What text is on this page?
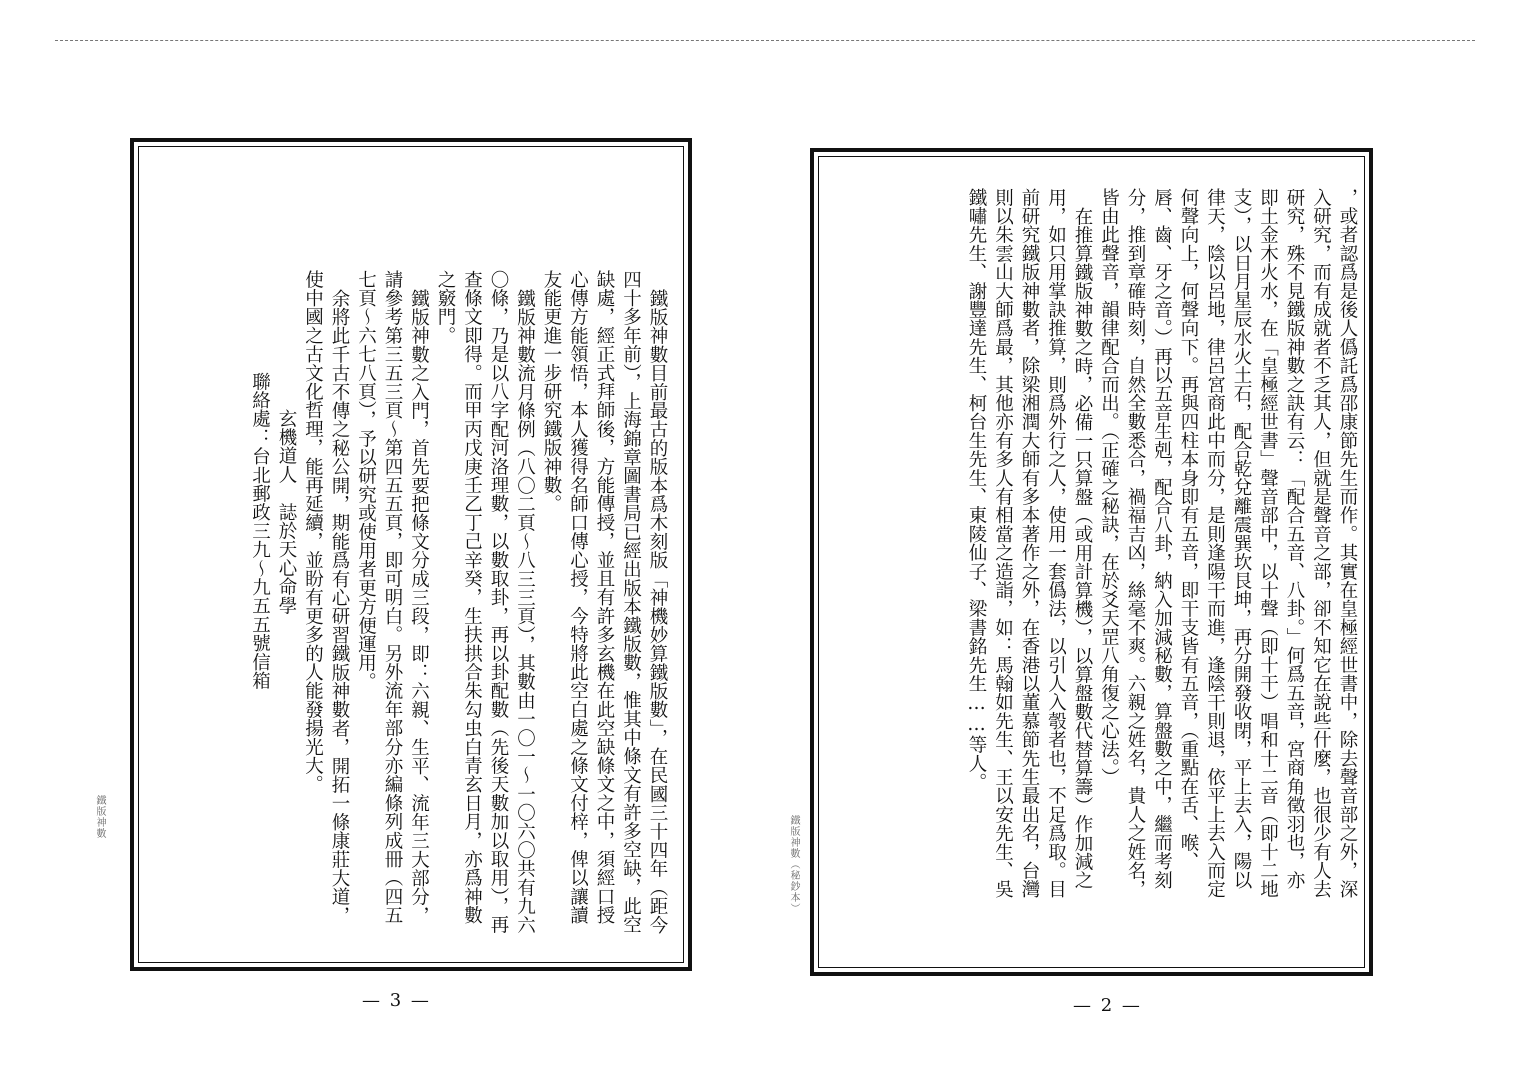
鐵版神數目前最古的版本爲木刻版「神機妙算鐵版數」，在民國三十四年（距今四十多年前），上海錦章圖書局已經出版本鐵版數，惟其中條文有許多空缺，此空缺處，經正式拜師後，方能傳授，並且有許多玄機在此空缺條文之中，須經口授心傳方能領悟，本人獲得名師口傳心授，今特將此空白處之條文付梓，俾以讓讀友能更進一步研究鐵版神數。

鐵版神數流月條例（八〇二頁～八三三頁），其數由一〇一～一〇六〇共有九六〇條，乃是以八字配河洛理數，以數取卦，再以卦配數（先後天數加以取用），再查條文即得。而甲丙戊庚壬乙丁己辛癸，生扶拱合朱勾虫白青玄日月，亦爲神數之竅門。

鐵版神數之入門，首先要把條文分成三段，即：六親、生平、流年三大部分，請參考第三五三頁～第四五五頁，即可明白。另外流年部分亦編條列成冊（四五七頁～六七八頁），予以研究或使用者更方便運用。

余將此千古不傳之秘公開，期能爲有心研習鐵版神數者，開拓一條康莊大道，使中國之古文化哲理，能再延續，並盼有更多的人能發揚光大。

玄機道人　誌於天心命學

聯絡處：台北郵政三九～九五五號信箱

鐵版神數
— 3 —

，或者認爲是後人僞託爲邵康節先生而作。其實在皇極經世書中，除去聲音部之外，深入研究，而有成就者不乏其人，但就是聲音之部，卻不知它在說些什麼，也很少有人去研究，殊不見鐵版神數之訣有云：「配合五音、八卦。」何爲五音，宮商角徵羽也，亦即土金木火水，在「皇極經世書」聲音部中，以十聲（即十干）唱和十二音（即十二地支），以日月星辰水火土石，配合乾兌離震巽坎艮坤，再分開發收閉，平上去入，陽以律天，陰以呂地，律呂宮商此中而分，是則逢陽干而進，逢陰干則退，依平上去入而定何聲向上，何聲向下。再與四柱本身即有五音，即干支皆有五音，（重點在舌、喉、唇、齒、牙之音。）再以五音生剋，配合八卦，納入加減秘數，算盤數之中，繼而考刻分，推到章確時刻，自然全數悉合，禍福吉凶，絲毫不爽。六親之姓名，貴人之姓名，皆由此聲音，韻律配合而出。（正確之秘訣，在於爻天罡八角復之心法。）

在推算鐵版神數之時，必備一只算盤（或用計算機），以算盤數代替算籌）作加減之用，如只用掌訣推算，則爲外行之人，使用一套僞法，以引人入彀者也，不足爲取。目前研究鐵版神數者，除梁湘潤大師有多本著作之外，在香港以董慕節先生最出名，台灣則以朱雲山大師爲最，其他亦有多人有相當之造詣，如：馬翰如先生、王以安先生、吳鐵嘯先生、謝豐達先生、柯台生先生、東陵仙子、梁書銘先生……等人。

鐵版神數（秘鈔本）
— 2 —
